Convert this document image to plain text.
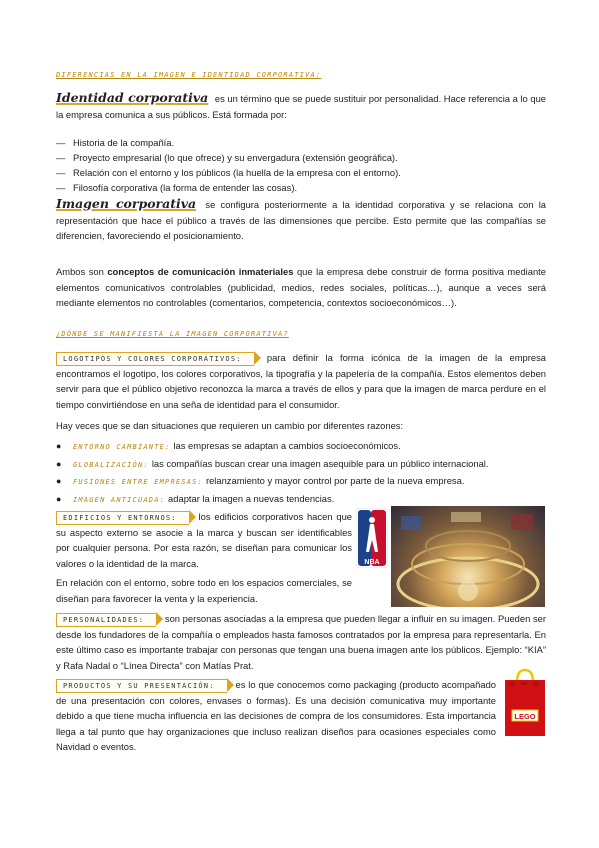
DIFERENCIAS EN LA IMAGEN E IDENTIDAD CORPORATIVA:
Identidad corporativa es un término que se puede sustituir por personalidad. Hace referencia a lo que la empresa comunica a sus públicos. Está formada por:
— Historia de la compañía.
— Proyecto empresarial (lo que ofrece) y su envergadura (extensión geográfica).
— Relación con el entorno y los públicos (la huella de la empresa con el entorno).
— Filosofía corporativa (la forma de entender las cosas).
Imagen corporativa se configura posteriormente a la identidad corporativa y se relaciona con la representación que hace el público a través de las dimensiones que percibe. Esto permite que las compañías se diferencien, favoreciendo el posicionamiento.
Ambos son conceptos de comunicación inmateriales que la empresa debe construir de forma positiva mediante elementos comunicativos controlables (publicidad, medios, redes sociales, políticas…), aunque a veces será mediante elementos no controlables (comentarios, competencia, contextos socioeconómicos…).
¿DÓNDE SE MANIFIESTA LA IMAGEN CORPORATIVA?
LOGOTIPOS Y COLORES CORPORATIVOS:	para definir la forma icónica de la imagen de la empresa encontramos el logotipo, los colores corporativos, la tipografía y la papelería de la compañía. Estos elementos deben servir para que el público objetivo reconozca la marca a través de ellos y para que la imagen de marca perdure en el tiempo convirtiéndose en una seña de identidad para el consumidor.
Hay veces que se dan situaciones que requieren un cambio por diferentes razones:
●	ENTORNO CAMBIANTE: las empresas se adaptan a cambios socioeconómicos.
●	GLOBALIZACIÓN: las compañías buscan crear una imagen asequible para un público internacional.
●	FUSIONES ENTRE EMPRESAS: relanzamiento y mayor control por parte de la nueva empresa.
●	IMAGEN ANTICUADA: adaptar la imagen a nuevas tendencias.
EDIFICIOS Y ENTORNOS: los edificios corporativos hacen que su aspecto externo se asocie a la marca y buscan ser identificables por cualquier persona. Por esta razón, se diseñan para comunicar los valores o la identidad de la marca.
En relación con el entorno, sobre todo en los espacios comerciales, se diseñan para favorecer la venta y la experiencia.
NBA
PERSONALIDADES: son personas asociadas a la empresa que pueden llegar a influir en su imagen. Pueden ser desde los fundadores de la compañía o empleados hasta famosos contratados por la empresa para representarla. En este último caso es importante trabajar con personas que tengan una buena imagen ante los públicos. Ejemplo: “KIA” y Rafa Nadal o “Línea Directa” con Matías Prat.
PRODUCTOS Y SU PRESENTACIÓN: es lo que conocemos como packaging (producto acompañado de una presentación con colores, envases o formas). Es una decisión comunicativa muy importante debido a que tiene mucha influencia en las decisiones de compra de los consumidores. Esta importancia llega a tal punto que hay organizaciones que incluso realizan diseños para ocasiones especiales como Navidad o eventos.
LEGO
